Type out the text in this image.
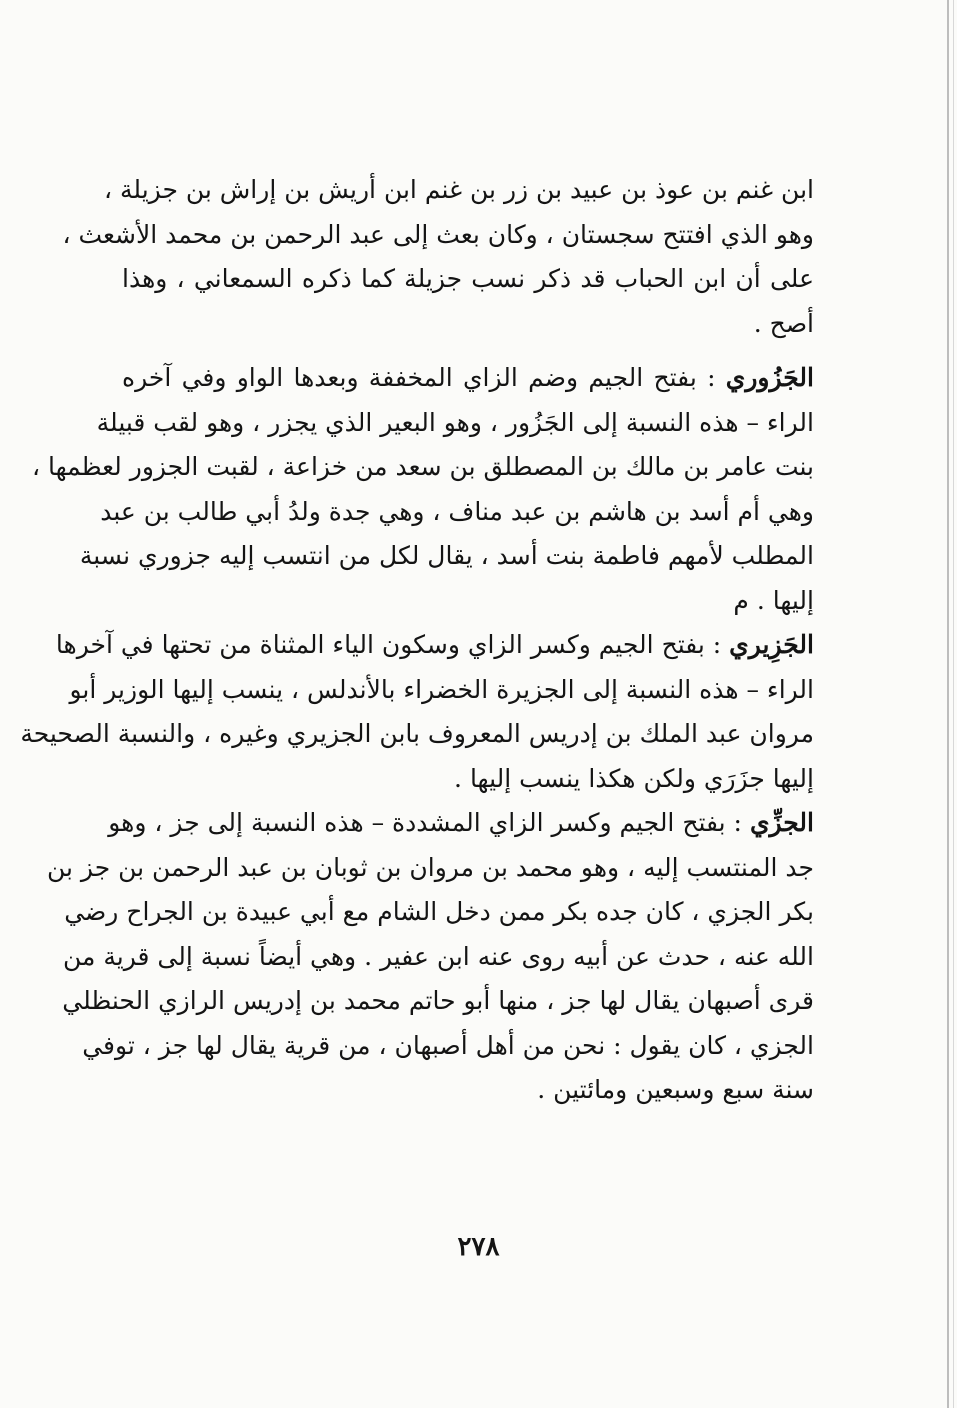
ابن غنم بن عوذ بن عبيد بن زر بن غنم ابن أريش بن إراش بن جزيلة ،
وهو الذي افتتح سجستان ، وكان بعث إلى عبد الرحمن بن محمد الأشعث ،
على أن ابن الحباب قد ذكر نسب جزيلة كما ذكره السمعاني ، وهذا
أصح .
الجَزُوري : بفتح الجيم وضم الزاي المخففة وبعدها الواو وفي آخره
الراء – هذه النسبة إلى الجَزُور ، وهو البعير الذي يجزر ، وهو لقب قبيلة
بنت عامر بن مالك بن المصطلق بن سعد من خزاعة ، لقبت الجزور لعظمها ،
وهي أم أسد بن هاشم بن عبد مناف ، وهي جدة ولدُ أبي طالب بن عبد
المطلب لأمهم فاطمة بنت أسد ، يقال لكل من انتسب إليه جزوري نسبة
إليها . م
الجَزِيري : بفتح الجيم وكسر الزاي وسكون الياء المثناة من تحتها في آخرها
الراء – هذه النسبة إلى الجزيرة الخضراء بالأندلس ، ينسب إليها الوزير أبو
مروان عبد الملك بن إدريس المعروف بابن الجزيري وغيره ، والنسبة الصحيحة
إليها جزَرَي ولكن هكذا ينسب إليها .
الجزِّي : بفتح الجيم وكسر الزاي المشددة – هذه النسبة إلى جز ، وهو
جد المنتسب إليه ، وهو محمد بن مروان بن ثوبان بن عبد الرحمن بن جز بن
بكر الجزي ، كان جده بكر ممن دخل الشام مع أبي عبيدة بن الجراح رضي
الله عنه ، حدث عن أبيه روى عنه ابن عفير . وهي أيضاً نسبة إلى قرية من
قرى أصبهان يقال لها جز ، منها أبو حاتم محمد بن إدريس الرازي الحنظلي
الجزي ، كان يقول : نحن من أهل أصبهان ، من قرية يقال لها جز ، توفي
سنة سبع وسبعين ومائتين .
٢٧٨
